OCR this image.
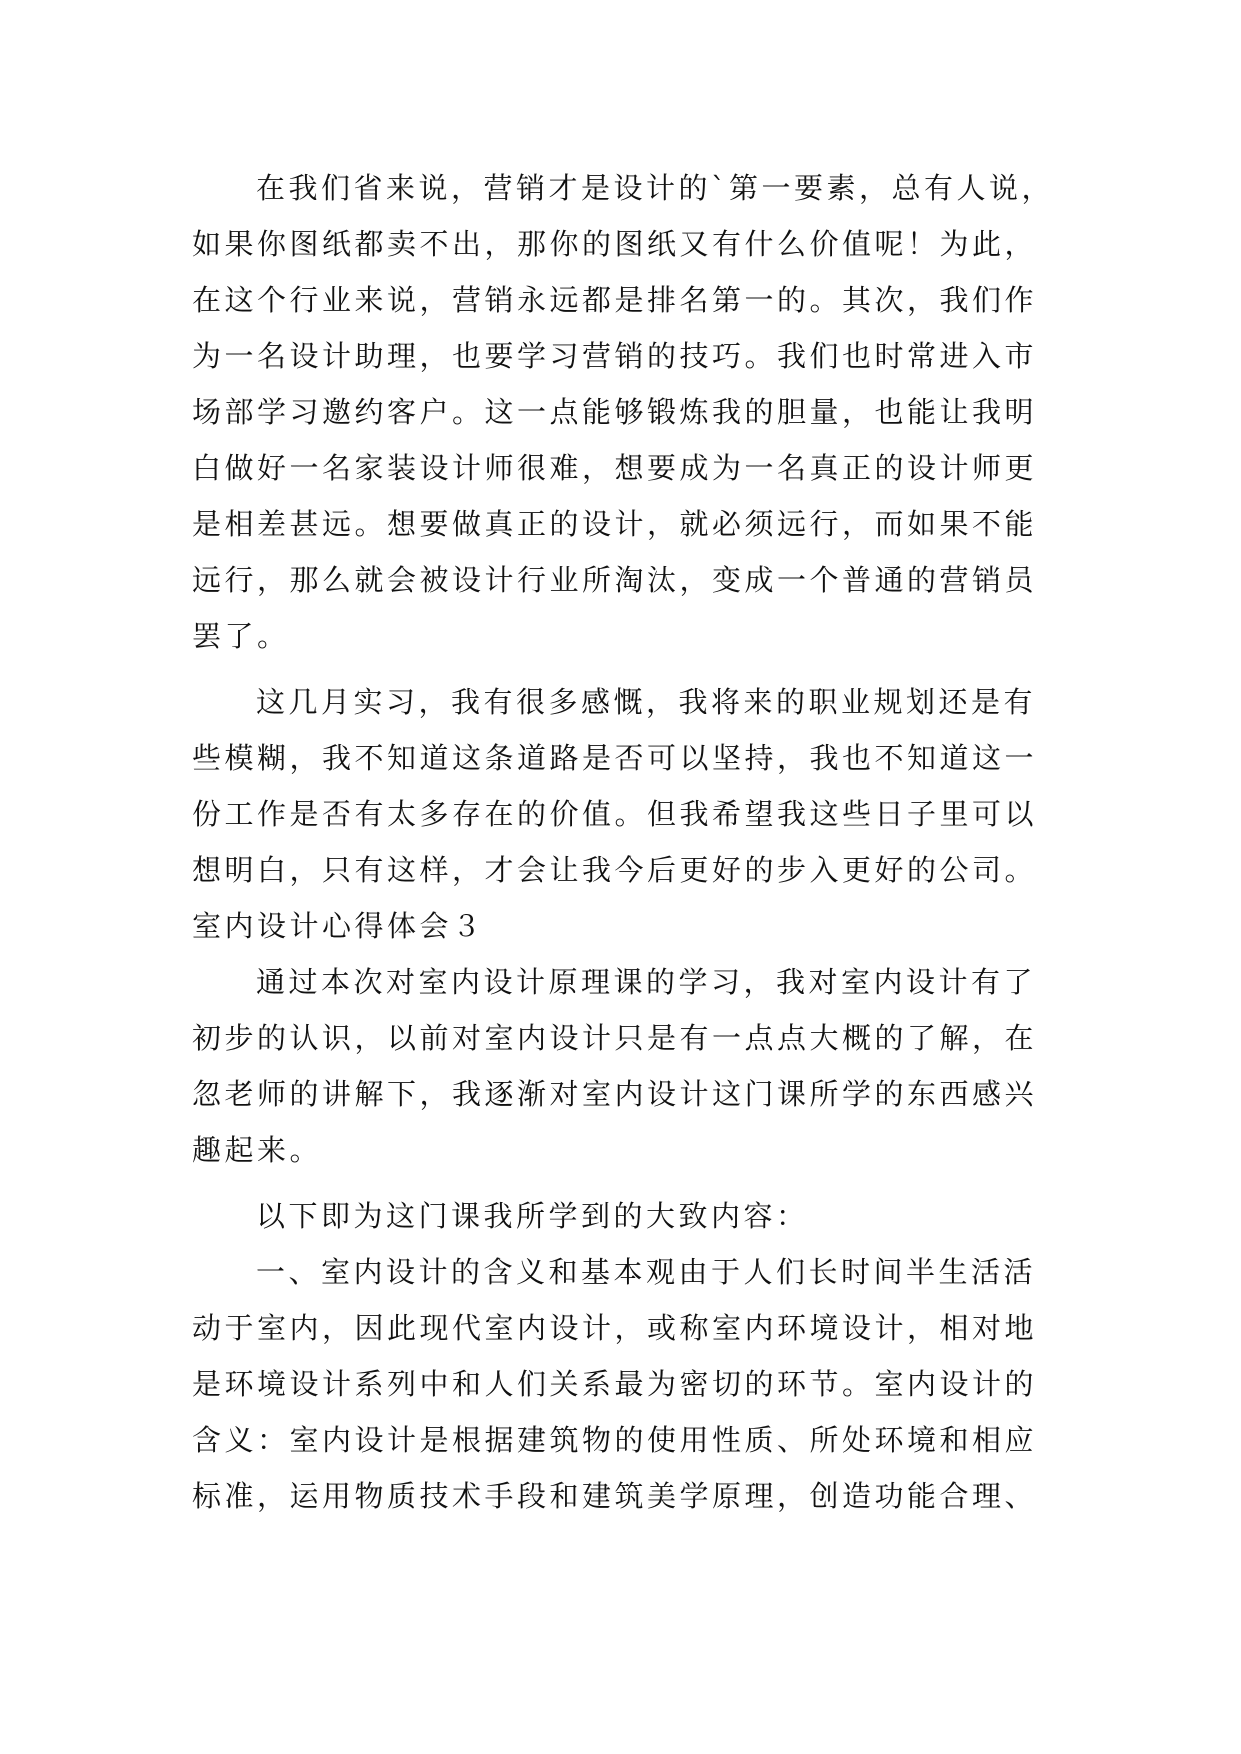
在我们省来说，营销才是设计的`第一要素，总有人说，
如果你图纸都卖不出，那你的图纸又有什么价值呢！为此，
在这个行业来说，营销永远都是排名第一的。其次，我们作
为一名设计助理，也要学习营销的技巧。我们也时常进入市
场部学习邀约客户。这一点能够锻炼我的胆量，也能让我明
白做好一名家装设计师很难，想要成为一名真正的设计师更
是相差甚远。想要做真正的设计，就必须远行，而如果不能
远行，那么就会被设计行业所淘汰，变成一个普通的营销员
罢了。
这几月实习，我有很多感慨，我将来的职业规划还是有
些模糊，我不知道这条道路是否可以坚持，我也不知道这一
份工作是否有太多存在的价值。但我希望我这些日子里可以
想明白，只有这样，才会让我今后更好的步入更好的公司。
室内设计心得体会３
通过本次对室内设计原理课的学习，我对室内设计有了
初步的认识，以前对室内设计只是有一点点大概的了解，在
忽老师的讲解下，我逐渐对室内设计这门课所学的东西感兴
趣起来。
以下即为这门课我所学到的大致内容：
一、室内设计的含义和基本观由于人们长时间半生活活
动于室内，因此现代室内设计，或称室内环境设计，相对地
是环境设计系列中和人们关系最为密切的环节。室内设计的
含义：室内设计是根据建筑物的使用性质、所处环境和相应
标准，运用物质技术手段和建筑美学原理，创造功能合理、
